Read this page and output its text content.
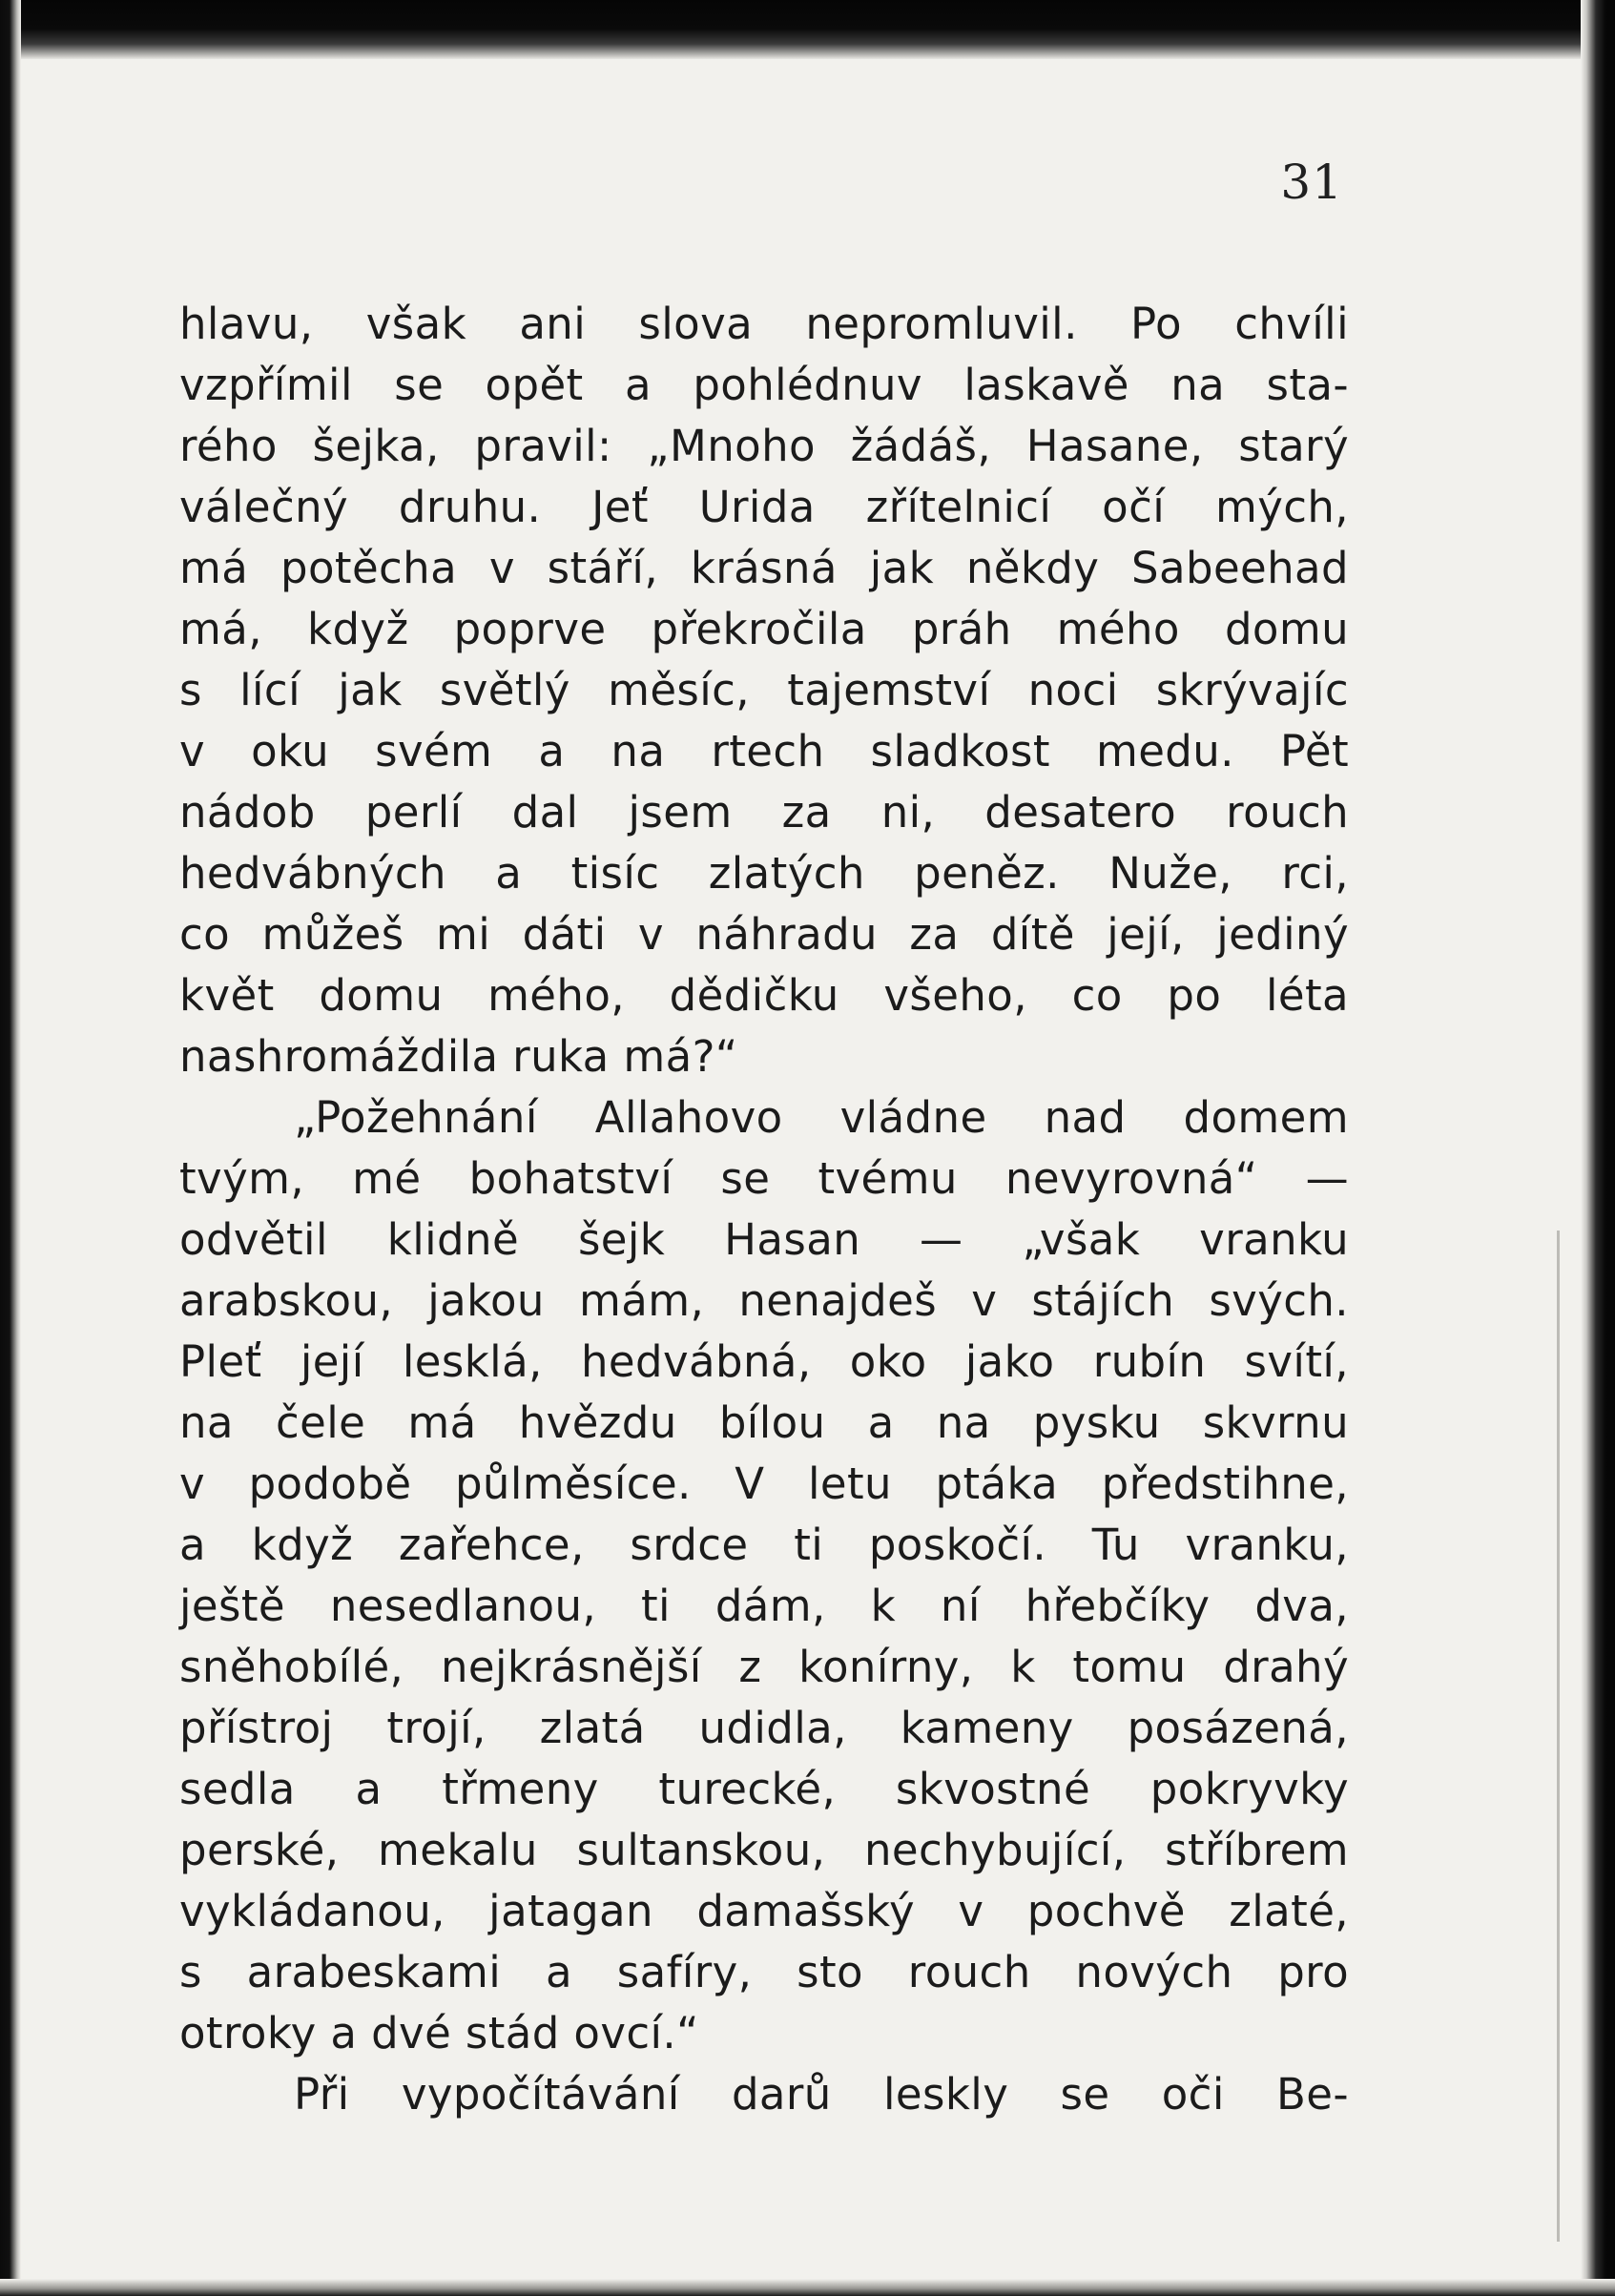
31
hlavu, však ani slova nepromluvil. Po chvíli
vzpřímil se opět a pohlédnuv laskavě na sta-
rého šejka, pravil: „Mnoho žádáš, Hasane, starý
válečný druhu. Jeť Urida zřítelnicí očí mých,
má potěcha v stáří, krásná jak někdy Sabeehad
má, když poprve překročila práh mého domu
s lící jak světlý měsíc, tajemství noci skrývajíc
v oku svém a na rtech sladkost medu. Pět
nádob perlí dal jsem za ni, desatero rouch
hedvábných a tisíc zlatých peněz. Nuže, rci,
co můžeš mi dáti v náhradu za dítě její, jediný
květ domu mého, dědičku všeho, co po léta
nashromáždila ruka má?“
„Požehnání Allahovo vládne nad domem
tvým, mé bohatství se tvému nevyrovná“ —
odvětil klidně šejk Hasan — „však vranku
arabskou, jakou mám, nenajdeš v stájích svých.
Pleť její lesklá, hedvábná, oko jako rubín svítí,
na čele má hvězdu bílou a na pysku skvrnu
v podobě půlměsíce. V letu ptáka předstihne,
a když zařehce, srdce ti poskočí. Tu vranku,
ještě nesedlanou, ti dám, k ní hřebčíky dva,
sněhobílé, nejkrásnější z konírny, k tomu drahý
přístroj trojí, zlatá udidla, kameny posázená,
sedla a třmeny turecké, skvostné pokryvky
perské, mekalu sultanskou, nechybující, stříbrem
vykládanou, jatagan damašský v pochvě zlaté,
s arabeskami a safíry, sto rouch nových pro
otroky a dvé stád ovcí.“
Při vypočítávání darů leskly se oči Be-
